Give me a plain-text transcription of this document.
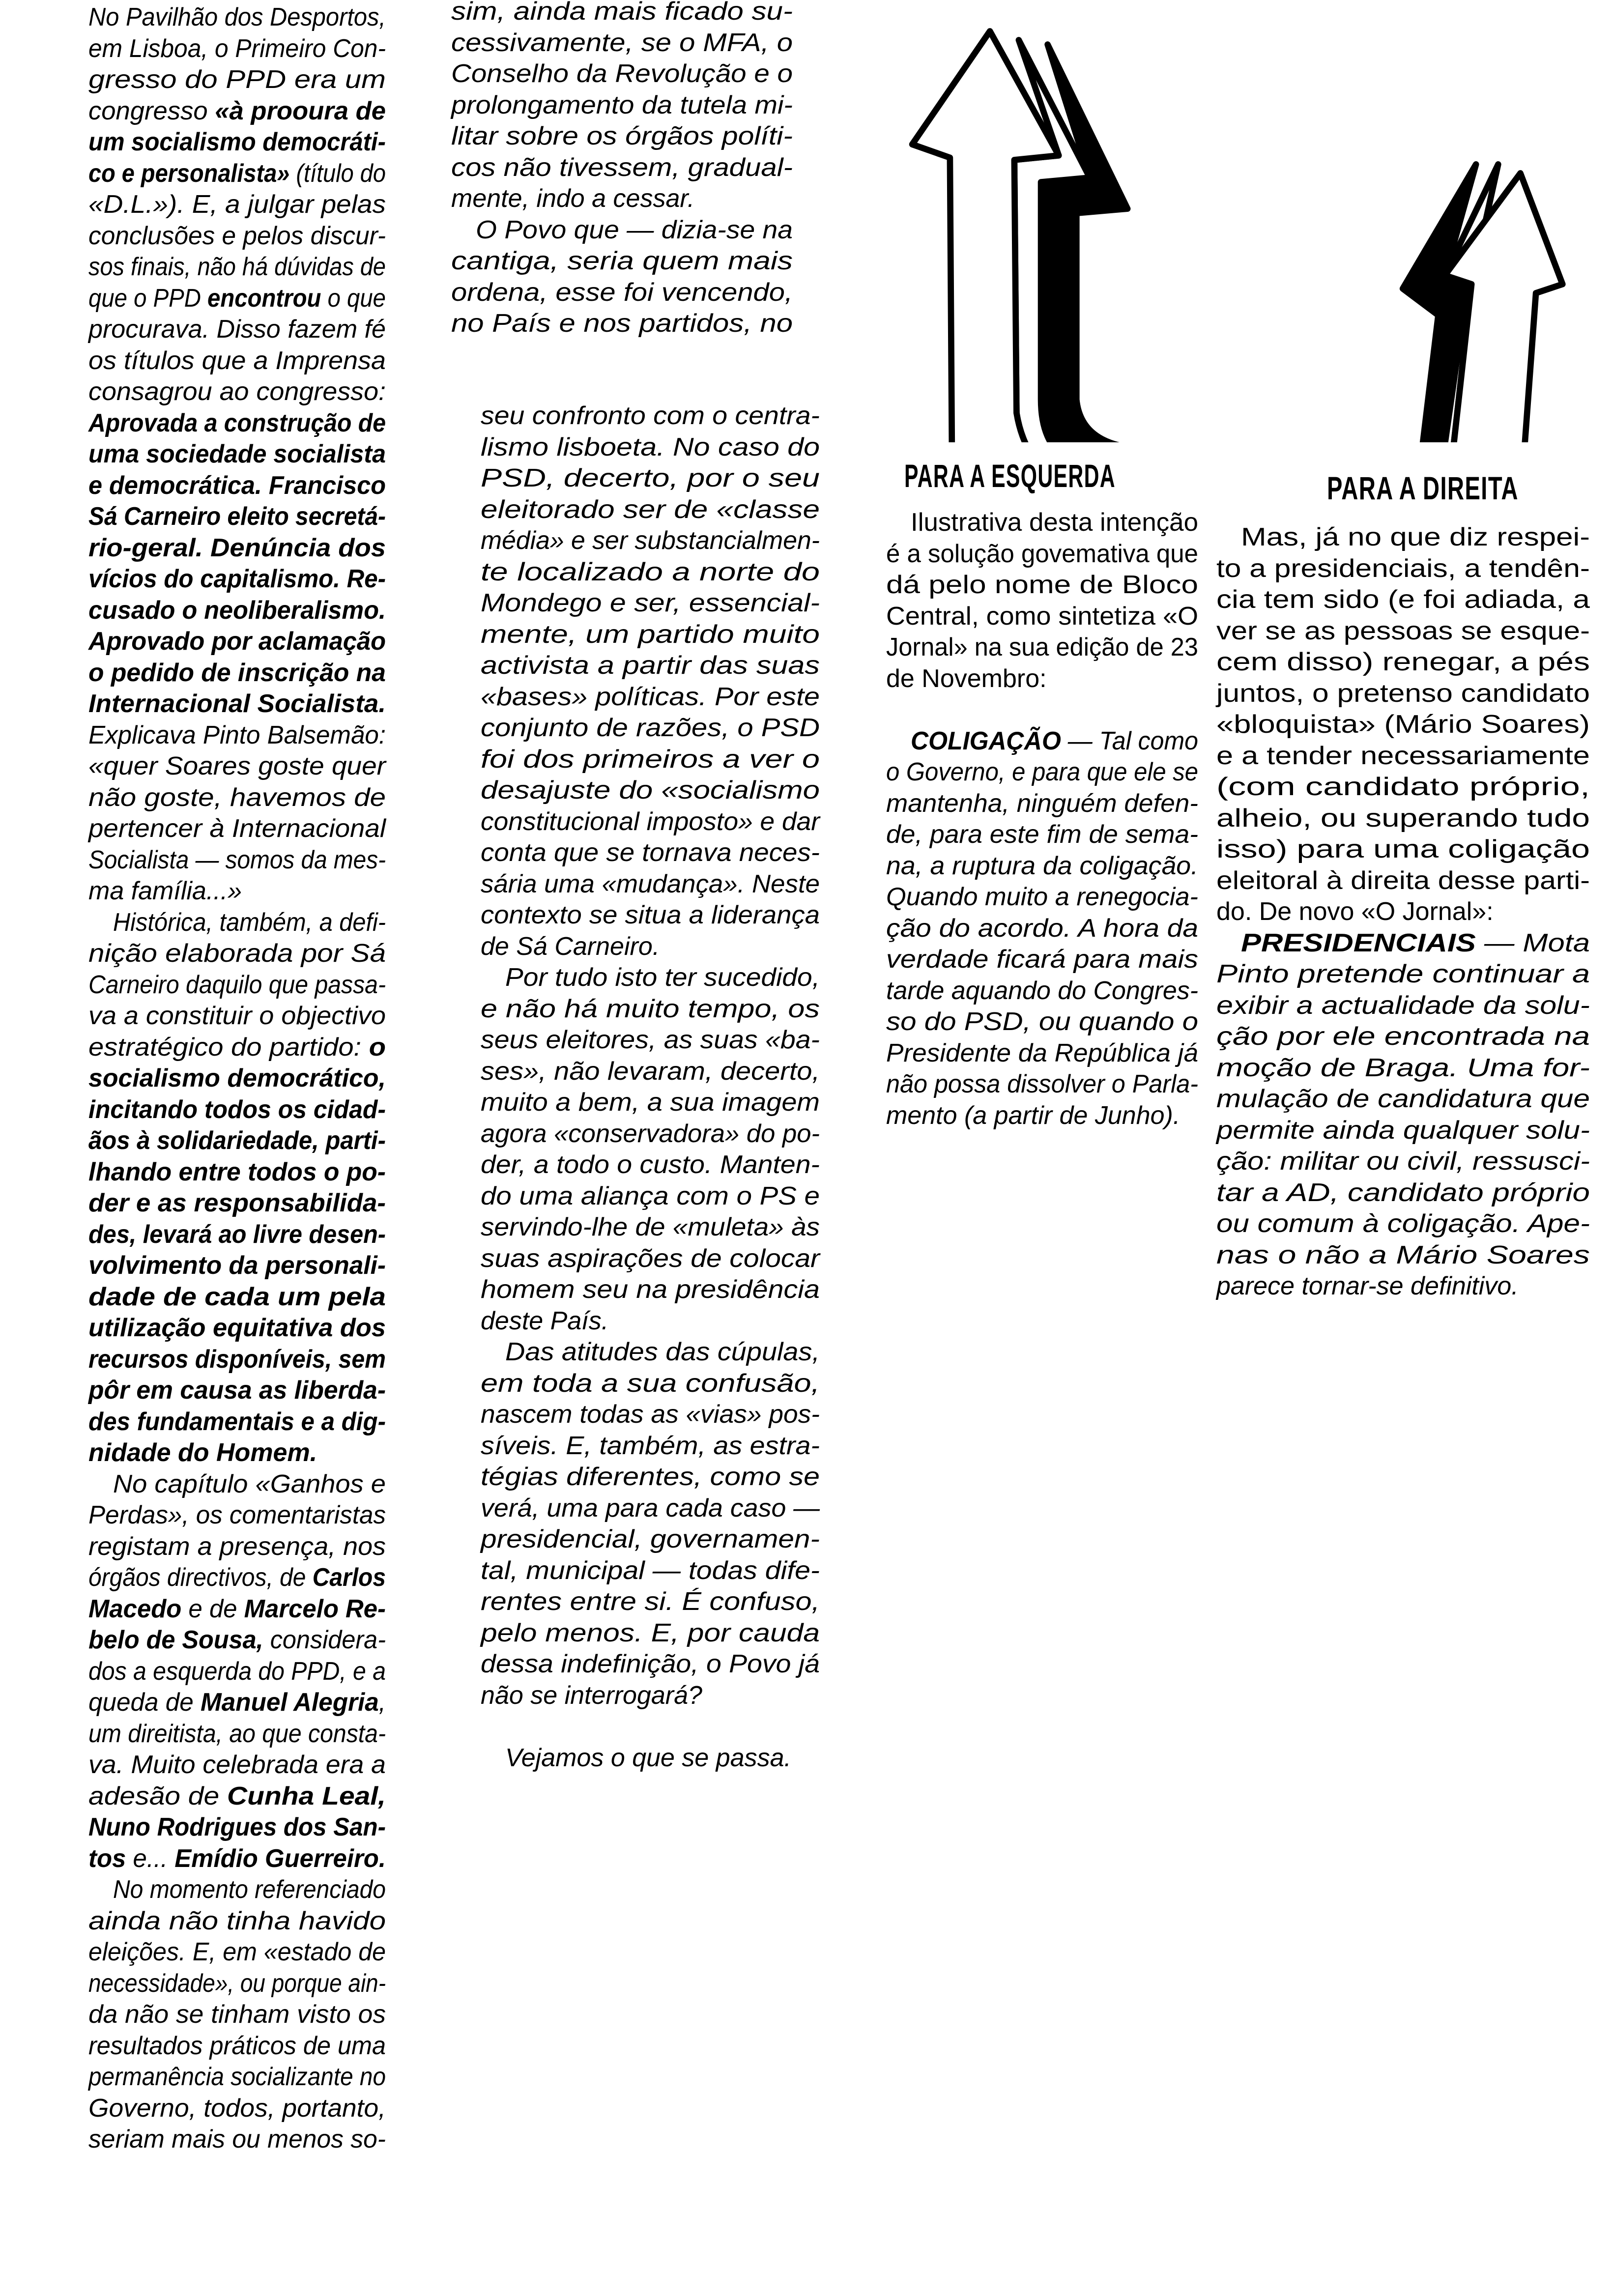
No Pavilhão dos Desportos,
em Lisboa, o Primeiro Con-
gresso do PPD era um
congresso «à prooura de
um socialismo democráti-
co e personalista» (título do
«D.L.»). E, a julgar pelas
conclusões e pelos discur-
sos finais, não há dúvidas de
que o PPD encontrou o que
procurava. Disso fazem fé
os títulos que a Imprensa
consagrou ao congresso:
Aprovada a construção de
uma sociedade socialista
e democrática. Francisco
Sá Carneiro eleito secretá-
rio-geral. Denúncia dos
vícios do capitalismo. Re-
cusado o neoliberalismo.
Aprovado por aclamação
o pedido de inscrição na
Internacional Socialista.
Explicava Pinto Balsemão:
«quer Soares goste quer
não goste, havemos de
pertencer à Internacional
Socialista — somos da mes-
ma família...»
Histórica, também, a defi-
nição elaborada por Sá
Carneiro daquilo que passa-
va a constituir o objectivo
estratégico do partido: o
socialismo democrático,
incitando todos os cidad-
ãos à solidariedade, parti-
lhando entre todos o po-
der e as responsabilida-
des, levará ao livre desen-
volvimento da personali-
dade de cada um pela
utilização equitativa dos
recursos disponíveis, sem
pôr em causa as liberda-
des fundamentais e a dig-
nidade do Homem.
No capítulo «Ganhos e
Perdas», os comentaristas
registam a presença, nos
órgãos directivos, de Carlos
Macedo e de Marcelo Re-
belo de Sousa, considera-
dos a esquerda do PPD, e a
queda de Manuel Alegria,
um direitista, ao que consta-
va. Muito celebrada era a
adesão de Cunha Leal,
Nuno Rodrigues dos San-
tos e... Emídio Guerreiro.
No momento referenciado
ainda não tinha havido
eleições. E, em «estado de
necessidade», ou porque ain-
da não se tinham visto os
resultados práticos de uma
permanência socializante no
Governo, todos, portanto,
seriam mais ou menos so-
sim, ainda mais ficado su-
cessivamente, se o MFA, o
Conselho da Revolução e o
prolongamento da tutela mi-
litar sobre os órgãos políti-
cos não tivessem, gradual-
mente, indo a cessar.
O Povo que — dizia-se na
cantiga, seria quem mais
ordena, esse foi vencendo,
no País e nos partidos, no
seu confronto com o centra-
lismo lisboeta. No caso do
PSD, decerto, por o seu
eleitorado ser de «classe
média» e ser substancialmen-
te localizado a norte do
Mondego e ser, essencial-
mente, um partido muito
activista a partir das suas
«bases» políticas. Por este
conjunto de razões, o PSD
foi dos primeiros a ver o
desajuste do «socialismo
constitucional imposto» e dar
conta que se tornava neces-
sária uma «mudança». Neste
contexto se situa a liderança
de Sá Carneiro.
Por tudo isto ter sucedido,
e não há muito tempo, os
seus eleitores, as suas «ba-
ses», não levaram, decerto,
muito a bem, a sua imagem
agora «conservadora» do po-
der, a todo o custo. Manten-
do uma aliança com o PS e
servindo-lhe de «muleta» às
suas aspirações de colocar
homem seu na presidência
deste País.
Das atitudes das cúpulas,
em toda a sua confusão,
nascem todas as «vias» pos-
síveis. E, também, as estra-
tégias diferentes, como se
verá, uma para cada caso —
presidencial, governamen-
tal, municipal — todas dife-
rentes entre si. É confuso,
pelo menos. E, por cauda
dessa indefinição, o Povo já
não se interrogará?
Vejamos o que se passa.
PARA A ESQUERDA
Ilustrativa desta intenção
é a solução govemativa que
dá pelo nome de Bloco
Central, como sintetiza «O
Jornal» na sua edição de 23
de Novembro:
COLIGAÇÃO — Tal como
o Governo, e para que ele se
mantenha, ninguém defen-
de, para este fim de sema-
na, a ruptura da coligação.
Quando muito a renegocia-
ção do acordo. A hora da
verdade ficará para mais
tarde aquando do Congres-
so do PSD, ou quando o
Presidente da República já
não possa dissolver o Parla-
mento (a partir de Junho).
PARA A DIREITA
Mas, já no que diz respei-
to a presidenciais, a tendên-
cia tem sido (e foi adiada, a
ver se as pessoas se esque-
cem disso) renegar, a pés
juntos, o pretenso candidato
«bloquista» (Mário Soares)
e a tender necessariamente
(com candidato próprio,
alheio, ou superando tudo
isso) para uma coligação
eleitoral à direita desse parti-
do. De novo «O Jornal»:
PRESIDENCIAIS — Mota
Pinto pretende continuar a
exibir a actualidade da solu-
ção por ele encontrada na
moção de Braga. Uma for-
mulação de candidatura que
permite ainda qualquer solu-
ção: militar ou civil, ressusci-
tar a AD, candidato próprio
ou comum à coligação. Ape-
nas o não a Mário Soares
parece tornar-se definitivo.
